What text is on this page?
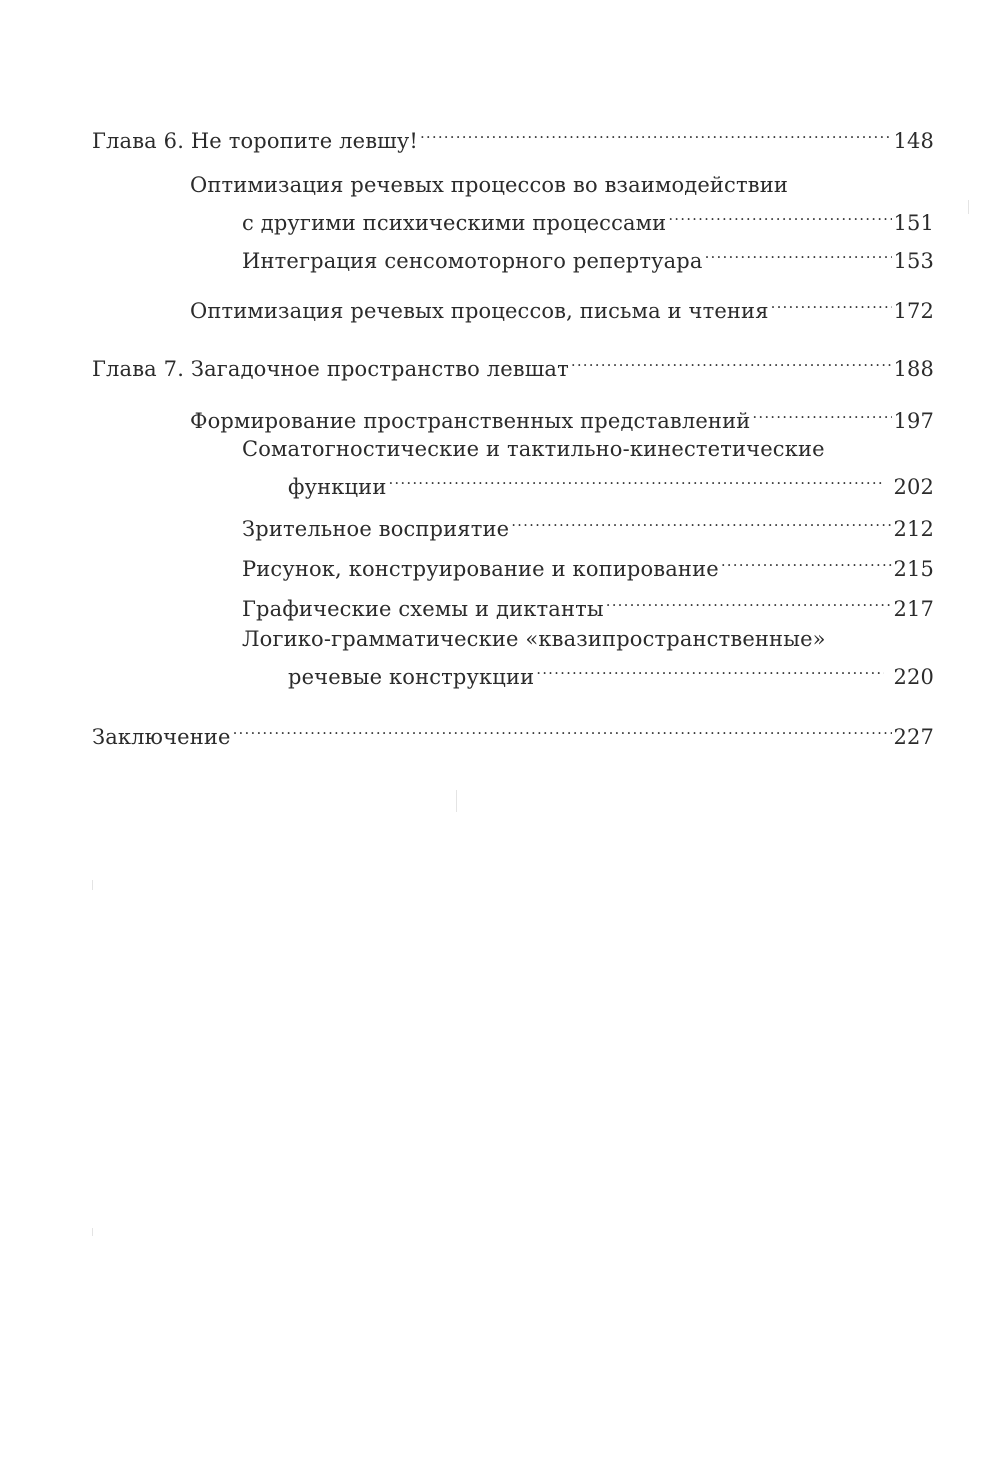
Глава 6. Не торопите левшу! .....	148
Оптимизация речевых процессов во взаимодействии
с другими психическими процессами .....	151
Интеграция сенсомоторного репертуара .....	153
Оптимизация речевых процессов, письма и чтения .....	172
Глава 7. Загадочное пространство левшат .....	188
Формирование пространственных представлений .....	197
Соматогностические и тактильно-кинестетические
функции .....	202
Зрительное восприятие .....	212
Рисунок, конструирование и копирование .....	215
Графические схемы и диктанты .....	217
Логико-грамматические «квазипространственные»
речевые конструкции .....	220
Заключение .....	227
